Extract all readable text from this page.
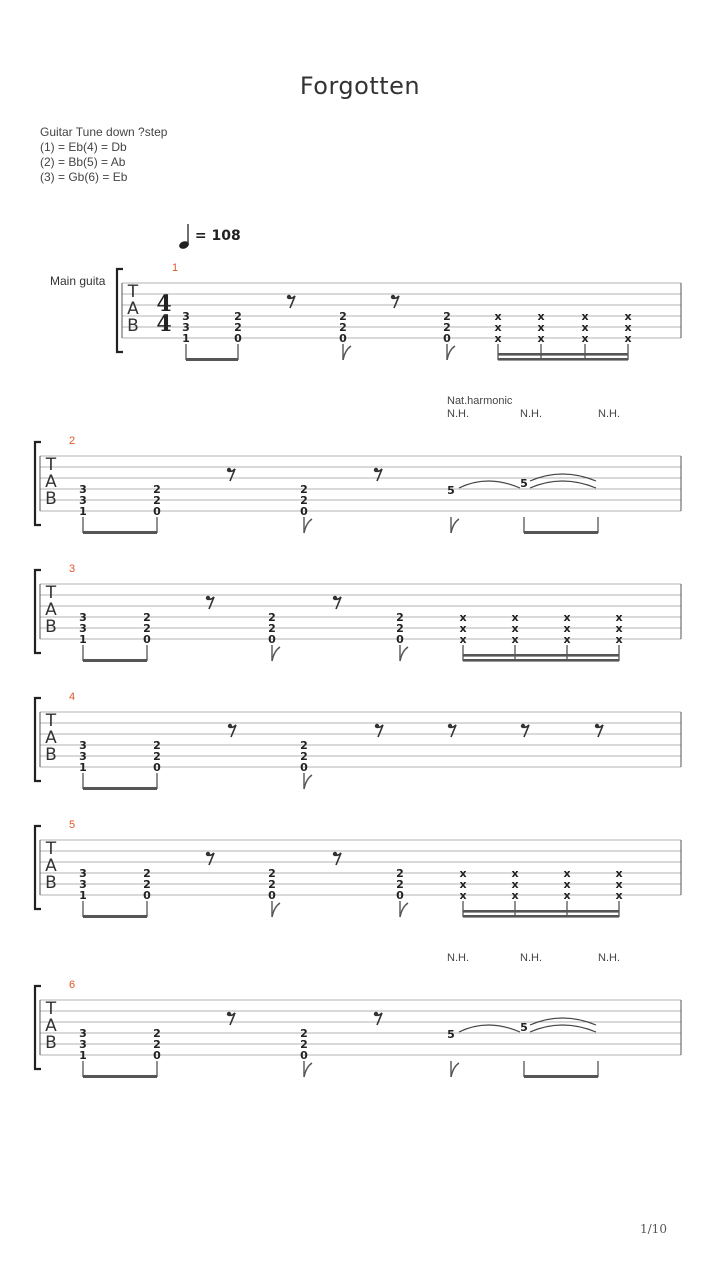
Forgotten
Guitar Tune down ?step
(1) = Eb(4) = Db
(2) = Bb(5) = Ab
(3) = Gb(6) = Eb
= 108
Main guita
T
A
B
1
4
4 3
3
1
2
2
0
2
2
0
2
2
0
x
x
x
x
x
x
x
x
x
x
x
x
T
A
B
2
3
3
1
2
2
0
2
2
0
5
5
Nat.harmonic
N.H.	N.H.	N.H.
T
A
B
3
3
3
1
2
2
0
2
2
0
2
2
0
x
x
x
x
x
x
x
x
x
x
x
x
T
A
B
4
3
3
1
2
2
0
2
2
0
T
A
B
5
3
3
1
2
2
0
2
2
0
2
2
0
x
x
x
x
x
x
x
x
x
x
x
x
T
A
B
6
3
3
1
2
2
0
2
2
0
5
5
N.H.	N.H.	N.H.
1/10
